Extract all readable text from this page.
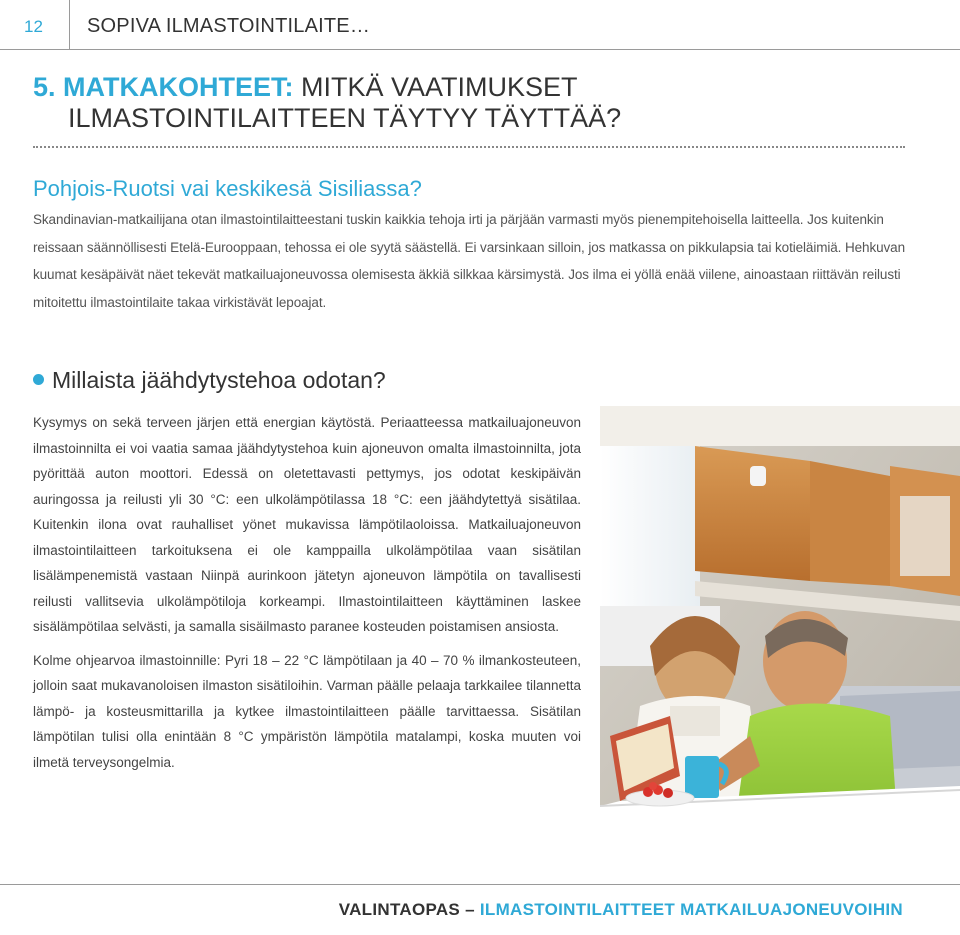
12	SOPIVA ILMASTOINTILAITE…
5. MATKAKOHTEET: MITKÄ VAATIMUKSET
ILMASTOINTILAITTEEN TÄYTYY TÄYTTÄÄ?
Pohjois-Ruotsi vai keskikesä Sisiliassa?
Skandinavian-matkailijana otan ilmastointilaitteestani tuskin kaikkia tehoja irti ja pärjään varmasti myös pienempitehoisella laitteella. Jos kuitenkin reissaan säännöllisesti Etelä-Eurooppaan, tehossa ei ole syytä säästellä. Ei varsinkaan silloin, jos matkassa on pikkulapsia tai kotieläimiä. Hehkuvan kuumat kesäpäivät näet tekevät matkailuajoneuvossa olemisesta äkkiä silkkaa kärsimystä. Jos ilma ei yöllä enää viilene, ainoastaan riittävän reilusti mitoitettu ilmastointilaite takaa virkistävät lepoajat.
Millaista jäähdytystehoa odotan?

Kysymys on sekä terveen järjen että energian käytöstä. Periaatteessa matkailuajoneuvon ilmastoinnilta ei voi vaatia samaa jäähdytystehoa kuin ajoneuvon omalta ilmastoinnilta, jota pyörittää auton moottori. Edessä on oletettavasti pettymys, jos odotat keskipäivän auringossa ja reilusti yli 30 °C: een ulkolämpötilassa 18 °C: een jäähdytettyä sisätilaa. Kuitenkin ilona ovat rauhalliset yönet mukavissa lämpötilaoloissa. Matkailuajoneuvon ilmastointilaitteen tarkoituksena ei ole kamppailla ulkolämpötilaa vaan sisätilan lisälämpenemistä vastaan Niinpä aurinkoon jätetyn ajoneuvon lämpötila on tavallisesti reilusti vallitsevia ulkolämpötiloja korkeampi. Ilmastointilaitteen käyttäminen laskee sisälämpötilaa selvästi, ja samalla sisäilmasto paranee kosteuden poistamisen ansiosta.

Kolme ohjearvoa ilmastoinnille: Pyri 18 – 22 °C lämpötilaan ja 40 – 70 % ilmankosteuteen, jolloin saat mukavanoloisen ilmaston sisätiloihin. Varman päälle pelaaja tarkkailee tilannetta lämpö- ja kosteusmittarilla ja kytkee ilmastointilaitteen päälle tarvittaessa. Sisätilan lämpötilan tulisi olla enintään 8 °C ympäristön lämpötila matalampi, koska muuten voi ilmetä terveysongelmia.

VALINTAOPAS – ILMASTOINTILAITTEET MATKAILUAJONEUVOIHIN
